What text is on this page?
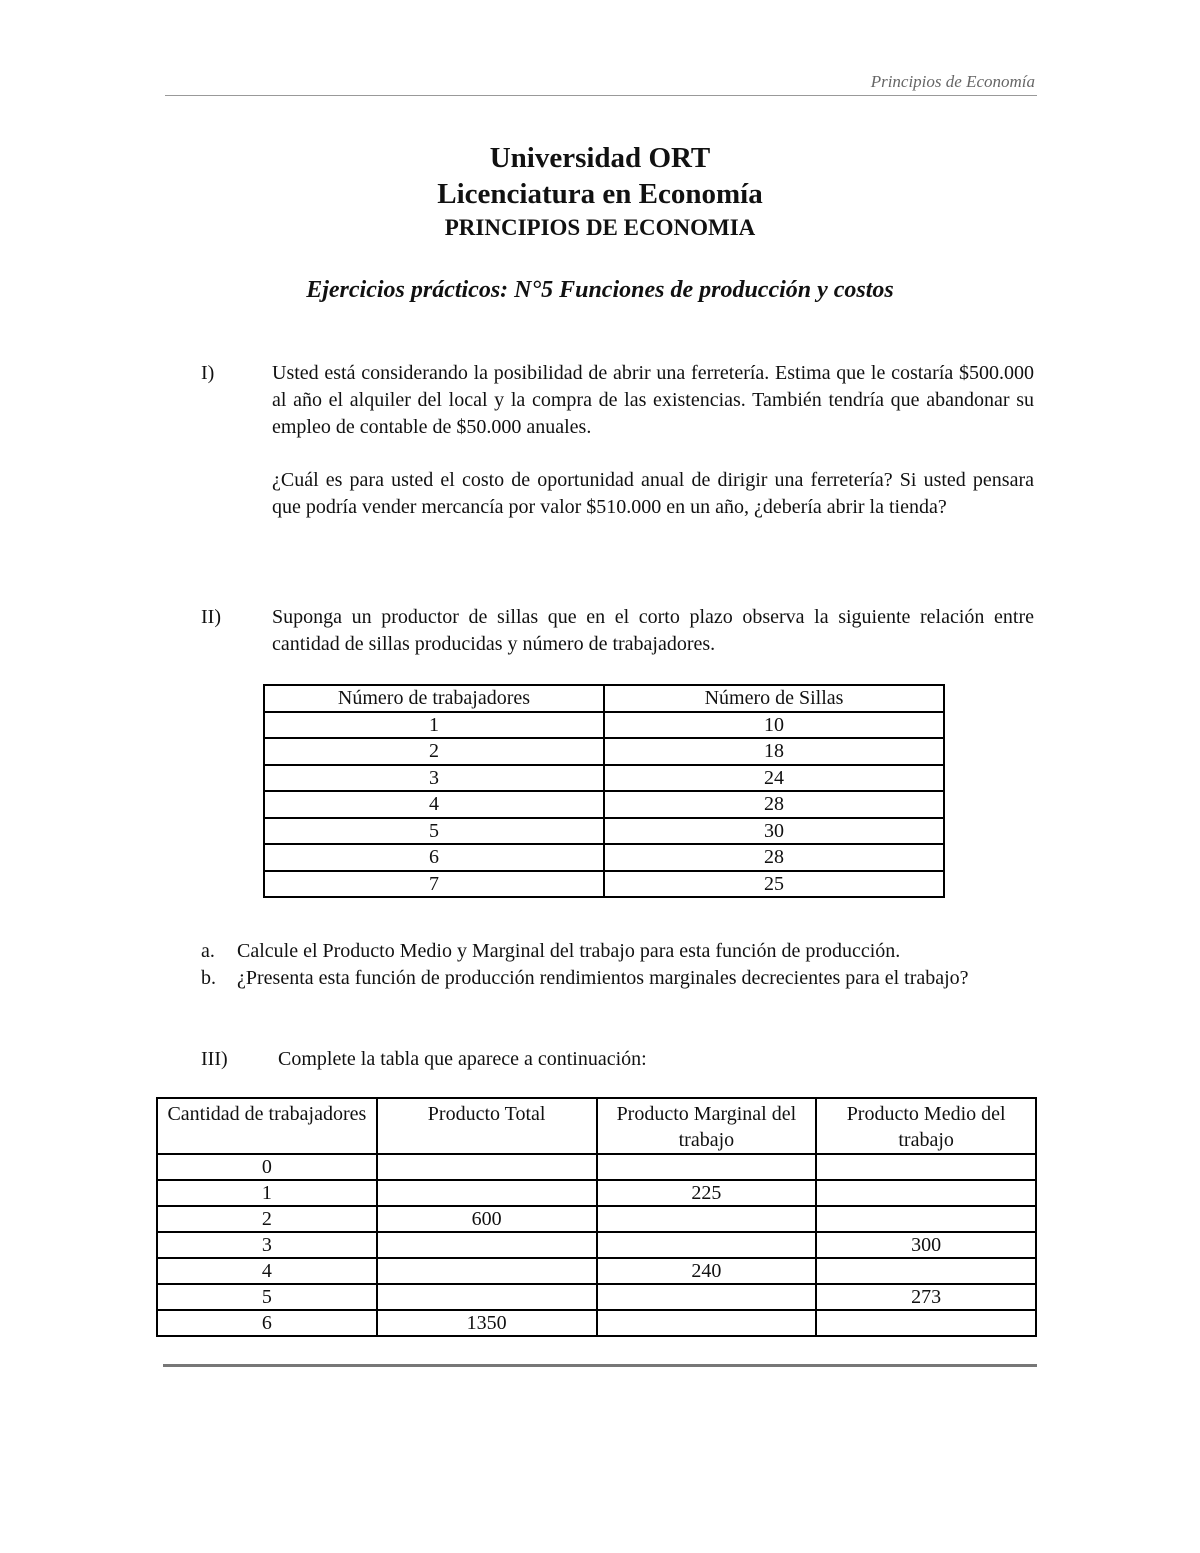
Principios de Economía
Universidad ORT
Licenciatura en Economía
PRINCIPIOS DE ECONOMIA
Ejercicios prácticos: N°5 Funciones de producción y costos
I)	Usted está considerando la posibilidad de abrir una ferretería. Estima que le costaría $500.000 al año el alquiler del local y la compra de las existencias. También tendría que abandonar su empleo de contable de $50.000 anuales.
¿Cuál es para usted el costo de oportunidad anual de dirigir una ferretería? Si usted pensara que podría vender mercancía por valor $510.000 en un año, ¿debería abrir la tienda?
II)	Suponga un productor de sillas que en el corto plazo observa la siguiente relación entre cantidad de sillas producidas y número de trabajadores.
Número de trabajadores	Número de Sillas
1	10
2	18
3	24
4	28
5	30
6	28
7	25
a. Calcule el Producto Medio y Marginal del trabajo para esta función de producción.
b. ¿Presenta esta función de producción rendimientos marginales decrecientes para el trabajo?
III)	Complete la tabla que aparece a continuación:
Cantidad de trabajadores	Producto Total	Producto Marginal del trabajo	Producto Medio del trabajo
0			
1		225	
2	600		
3			300
4		240	
5			273
6	1350		
